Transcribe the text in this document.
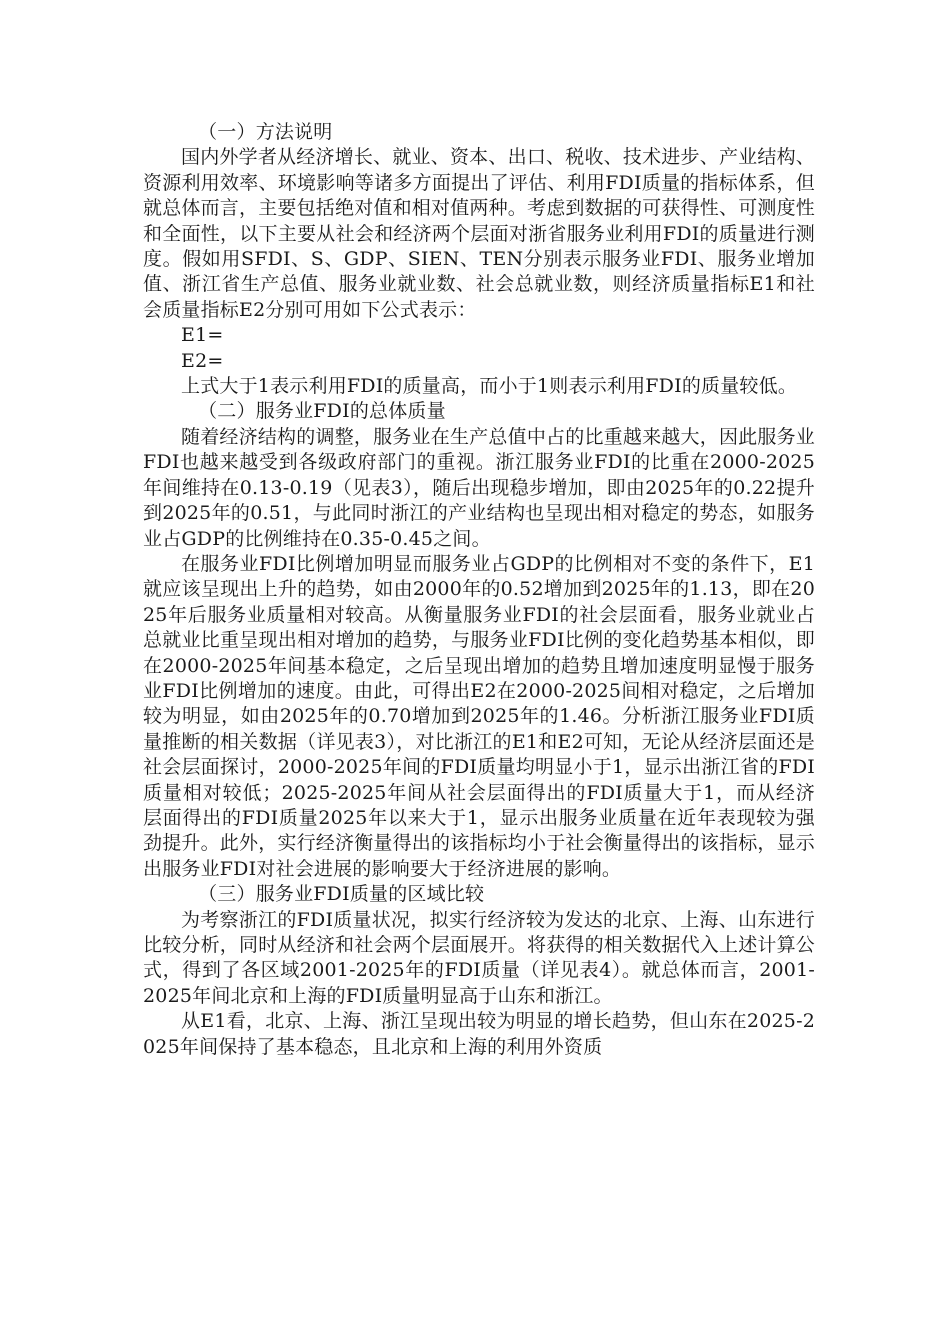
（一）方法说明

国内外学者从经济增长、就业、资本、出口、税收、技术进步、产业结构、资源利用效率、环境影响等诸多方面提出了评估、利用FDI质量的指标体系，但就总体而言，主要包括绝对值和相对值两种。考虑到数据的可获得性、可测度性和全面性，以下主要从社会和经济两个层面对浙省服务业利用FDI的质量进行测度。假如用SFDI、S、GDP、SIEN、TEN分别表示服务业FDI、服务业增加值、浙江省生产总值、服务业就业数、社会总就业数，则经济质量指标E1和社会质量指标E2分别可用如下公式表示：

E1=

E2=

上式大于1表示利用FDI的质量高，而小于1则表示利用FDI的质量较低。

（二）服务业FDI的总体质量

随着经济结构的调整，服务业在生产总值中占的比重越来越大，因此服务业FDI也越来越受到各级政府部门的重视。浙江服务业FDI的比重在2000-2025年间维持在0.13-0.19（见表3），随后出现稳步增加，即由2025年的0.22提升到2025年的0.51，与此同时浙江的产业结构也呈现出相对稳定的势态，如服务业占GDP的比例维持在0.35-0.45之间。

在服务业FDI比例增加明显而服务业占GDP的比例相对不变的条件下，E1就应该呈现出上升的趋势，如由2000年的0.52增加到2025年的1.13，即在2025年后服务业质量相对较高。从衡量服务业FDI的社会层面看，服务业就业占总就业比重呈现出相对增加的趋势，与服务业FDI比例的变化趋势基本相似，即在2000-2025年间基本稳定，之后呈现出增加的趋势且增加速度明显慢于服务业FDI比例增加的速度。由此，可得出E2在2000-2025间相对稳定，之后增加较为明显，如由2025年的0.70增加到2025年的1.46。分析浙江服务业FDI质量推断的相关数据（详见表3），对比浙江的E1和E2可知，无论从经济层面还是社会层面探讨，2000-2025年间的FDI质量均明显小于1，显示出浙江省的FDI质量相对较低；2025-2025年间从社会层面得出的FDI质量大于1，而从经济层面得出的FDI质量2025年以来大于1，显示出服务业质量在近年表现较为强劲提升。此外，实行经济衡量得出的该指标均小于社会衡量得出的该指标，显示出服务业FDI对社会进展的影响要大于经济进展的影响。

（三）服务业FDI质量的区域比较

为考察浙江的FDI质量状况，拟实行经济较为发达的北京、上海、山东进行比较分析，同时从经济和社会两个层面展开。将获得的相关数据代入上述计算公式，得到了各区域2001-2025年的FDI质量（详见表4）。就总体而言，2001-2025年间北京和上海的FDI质量明显高于山东和浙江。

从E1看，北京、上海、浙江呈现出较为明显的增长趋势，但山东在2025-2025年间保持了基本稳态，且北京和上海的利用外资质
